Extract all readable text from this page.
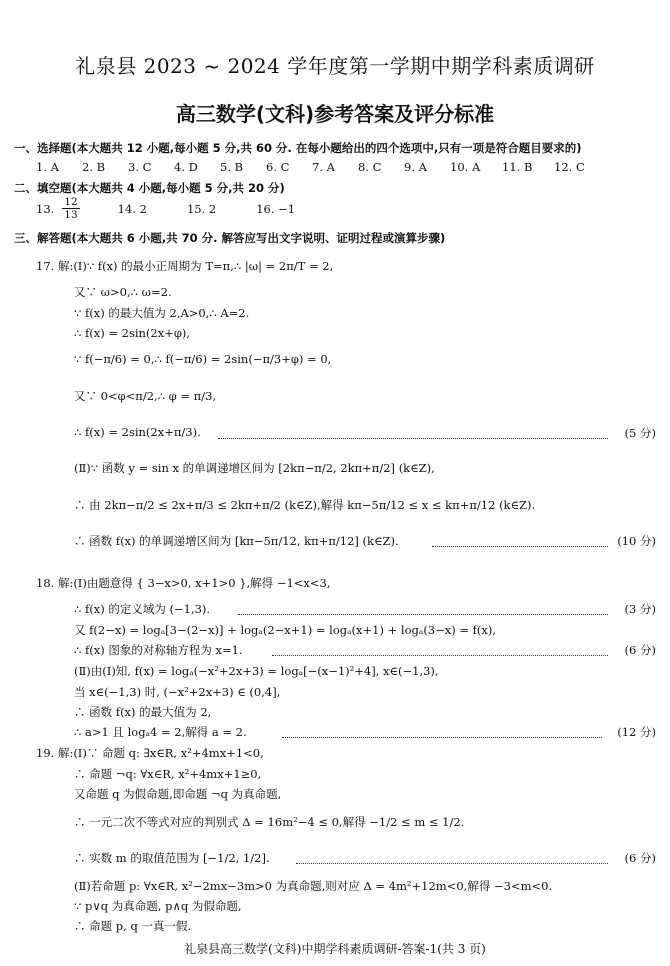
礼泉县 2023 ~ 2024 学年度第一学期中期学科素质调研
高三数学(文科)参考答案及评分标准
一、选择题(本大题共 12 小题,每小题 5 分,共 60 分. 在每小题给出的四个选项中,只有一项是符合题目要求的)
1. A	2. B	3. C	4. D	5. B	6. C	7. A	8. C	9. A	10. A	11. B	12. C
二、填空题(本大题共 4 小题,每小题 5 分,共 20 分)
13. $\frac{12}{13}$	14. 2	15. 2	16. −1
三、解答题(本大题共 6 小题,共 70 分. 解答应写出文字说明、证明过程或演算步骤)
17. 解:(Ⅰ)∵ f(x) 的最小正周期为 T=π,∴ |ω| = 2π/T = 2,
又∵ ω>0,∴ ω=2.
∵ f(x) 的最大值为 2,A>0,∴ A=2.
∴ f(x) = 2sin(2x+φ),
∵ f(−π/6) = 0,∴ f(−π/6) = 2sin(−π/3+φ) = 0,
又∵ 0<φ<π/2,∴ φ = π/3,
∴ f(x) = 2sin(2x+π/3).	(5 分)
(Ⅱ)∵ 函数 y = sin x 的单调递增区间为 [2kπ−π/2, 2kπ+π/2] (k∈Z),
∴ 由 2kπ−π/2 ≤ 2x+π/3 ≤ 2kπ+π/2 (k∈Z),解得 kπ−5π/12 ≤ x ≤ kπ+π/12 (k∈Z).
∴ 函数 f(x) 的单调递增区间为 [kπ−5π/12, kπ+π/12] (k∈Z).	(10 分)
18. 解:(Ⅰ)由题意得 { 3−x>0, x+1>0 },解得 −1<x<3,
∴ f(x) 的定义域为 (−1,3).	(3 分)
又 f(2−x) = logₐ[3−(2−x)] + logₐ(2−x+1) = logₐ(x+1) + logₐ(3−x) = f(x),
∴ f(x) 图象的对称轴方程为 x=1.	(6 分)
(Ⅱ)由(Ⅰ)知, f(x) = logₐ(−x²+2x+3) = logₐ[−(x−1)²+4], x∈(−1,3),
当 x∈(−1,3) 时, (−x²+2x+3) ∈ (0,4],
∴ 函数 f(x) 的最大值为 2,
∴ a>1 且 logₐ4 = 2,解得 a = 2.	(12 分)
19. 解:(Ⅰ)∵ 命题 q: ∃x∈R, x²+4mx+1<0,
∴ 命题 ¬q: ∀x∈R, x²+4mx+1≥0,
又命题 q 为假命题,即命题 ¬q 为真命题,
∴ 一元二次不等式对应的判别式 Δ = 16m²−4 ≤ 0,解得 −1/2 ≤ m ≤ 1/2.
∴ 实数 m 的取值范围为 [−1/2, 1/2].	(6 分)
(Ⅱ)若命题 p: ∀x∈R, x²−2mx−3m>0 为真命题,则对应 Δ = 4m²+12m<0,解得 −3<m<0.
∵ p∨q 为真命题, p∧q 为假命题,
∴ 命题 p, q 一真一假.
礼泉县高三数学(文科)中期学科素质调研-答案-1(共 3 页)
